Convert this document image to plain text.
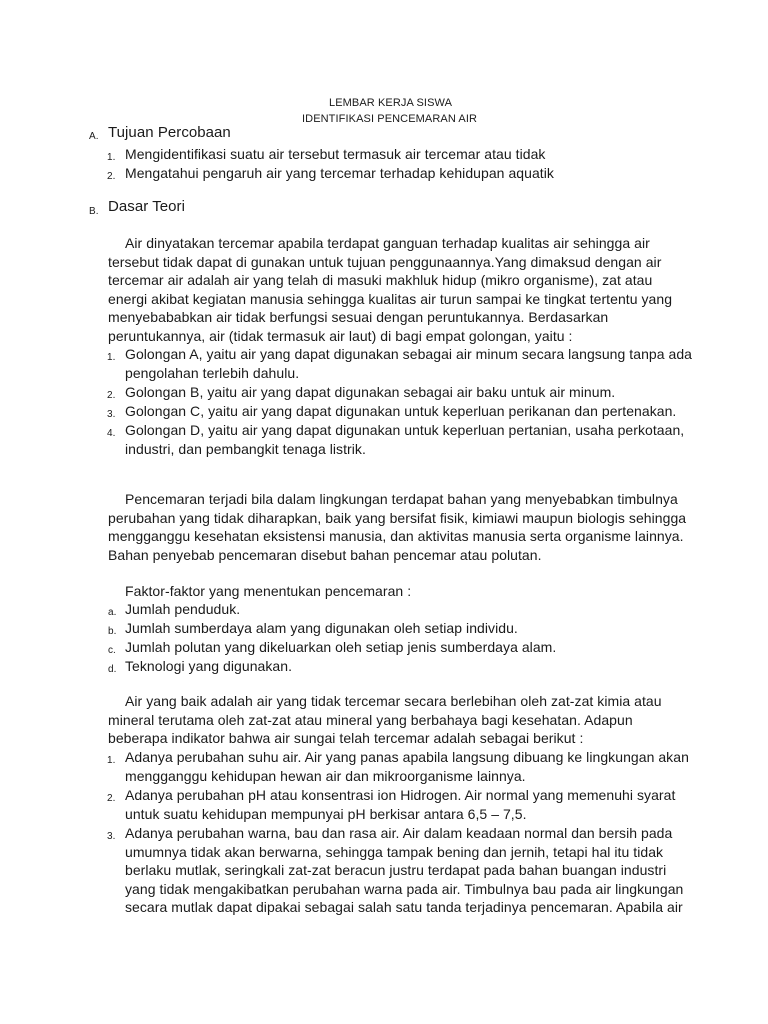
LEMBAR KERJA SISWA
IDENTIFIKASI PENCEMARAN AIR
A. Tujuan Percobaan
1. Mengidentifikasi suatu air tersebut termasuk air tercemar atau tidak
2. Mengatahui pengaruh air yang tercemar terhadap kehidupan aquatik
B. Dasar Teori
Air dinyatakan tercemar apabila terdapat ganguan terhadap kualitas air sehingga air
tersebut tidak dapat di gunakan untuk tujuan penggunaannya.Yang dimaksud dengan air
tercemar air adalah air yang telah di masuki makhluk hidup (mikro organisme), zat atau
energi akibat kegiatan manusia sehingga kualitas air turun sampai ke tingkat tertentu yang
menyebababkan air tidak berfungsi sesuai dengan peruntukannya. Berdasarkan
peruntukannya, air (tidak termasuk air laut) di bagi empat golongan, yaitu :
1. Golongan A, yaitu air yang dapat digunakan sebagai air minum secara langsung tanpa ada
pengolahan terlebih dahulu.
2. Golongan B, yaitu air yang dapat digunakan sebagai air baku untuk air minum.
3. Golongan C, yaitu air yang dapat digunakan untuk keperluan perikanan dan pertenakan.
4. Golongan D, yaitu air yang dapat digunakan untuk keperluan pertanian, usaha perkotaan,
industri, dan pembangkit tenaga listrik.
Pencemaran terjadi bila dalam lingkungan terdapat bahan yang menyebabkan timbulnya
perubahan yang tidak diharapkan, baik yang bersifat fisik, kimiawi maupun biologis sehingga
mengganggu kesehatan eksistensi manusia, dan aktivitas manusia serta organisme lainnya.
Bahan penyebab pencemaran disebut bahan pencemar atau polutan.
Faktor-faktor yang menentukan pencemaran :
a. Jumlah penduduk.
b. Jumlah sumberdaya alam yang digunakan oleh setiap individu.
c. Jumlah polutan yang dikeluarkan oleh setiap jenis sumberdaya alam.
d. Teknologi yang digunakan.
Air yang baik adalah air yang tidak tercemar secara berlebihan oleh zat-zat kimia atau
mineral terutama oleh zat-zat atau mineral yang berbahaya bagi kesehatan. Adapun
beberapa indikator bahwa air sungai telah tercemar adalah sebagai berikut :
1. Adanya perubahan suhu air. Air yang panas apabila langsung dibuang ke lingkungan akan
mengganggu kehidupan hewan air dan mikroorganisme lainnya.
2. Adanya perubahan pH atau konsentrasi ion Hidrogen. Air normal yang memenuhi syarat
untuk suatu kehidupan mempunyai pH berkisar antara 6,5 – 7,5.
3. Adanya perubahan warna, bau dan rasa air. Air dalam keadaan normal dan bersih pada
umumnya tidak akan berwarna, sehingga tampak bening dan jernih, tetapi hal itu tidak
berlaku mutlak, seringkali zat-zat beracun justru terdapat pada bahan buangan industri
yang tidak mengakibatkan perubahan warna pada air. Timbulnya bau pada air lingkungan
secara mutlak dapat dipakai sebagai salah satu tanda terjadinya pencemaran. Apabila air
